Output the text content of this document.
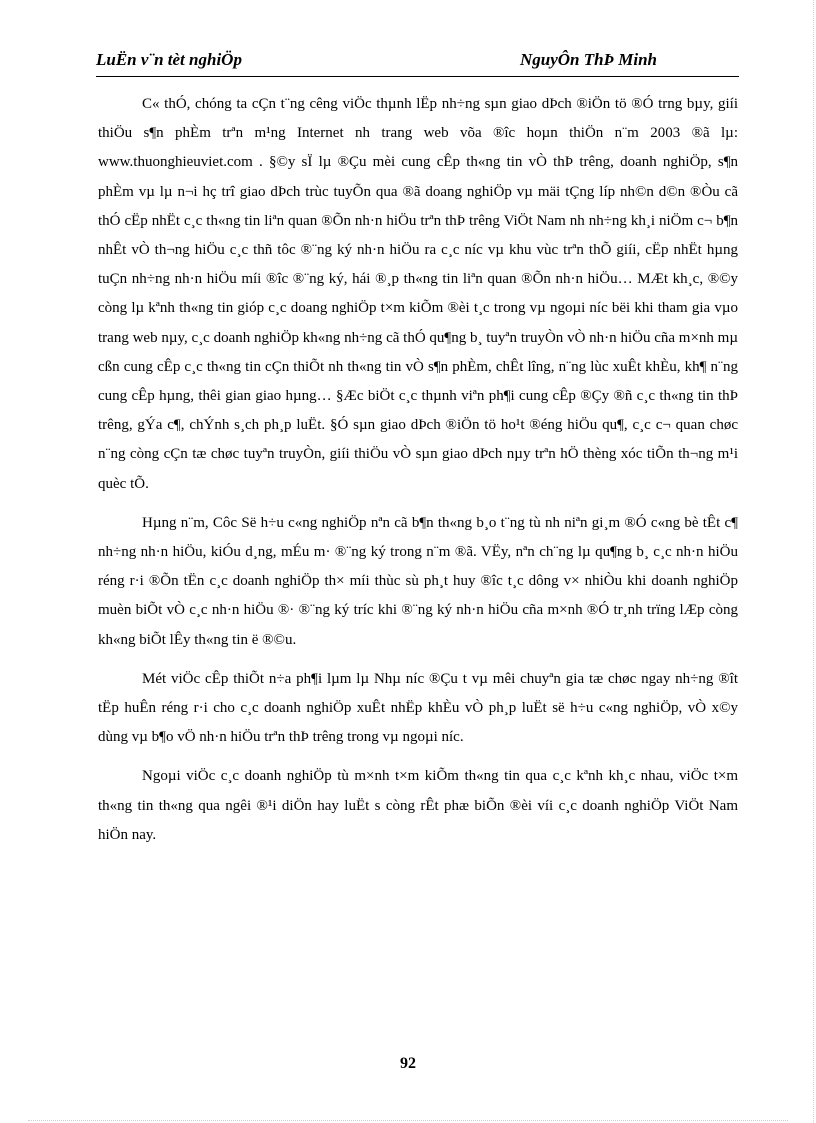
LuËn v¨n tèt nghiÖp	NguyÔn ThÞ Minh

C« thÓ, chóng ta cÇn t¨ng cêng viÖc thµnh lËp nh÷ng sµn giao dÞch ®iÖn tö ®Ó trng bµy, giíi thiÖu s¶n phÈm trªn m¹ng Internet nh trang web võa ®îc hoµn thiÖn n¨m 2003 ®ã lµ: www.thuonghieuviet.com . §©y sÏ lµ ®Çu mèi cung cÊp th«ng tin vÒ thÞ trêng, doanh nghiÖp, s¶n phÈm vµ lµ n¬i hç trî giao dÞch trùc tuyÕn qua ®ã doang nghiÖp vµ mäi tÇng líp nh©n d©n ®Òu cã thÓ cËp nhËt c¸c th«ng tin liªn quan ®Õn nh·n hiÖu trªn thÞ trêng ViÖt Nam nh nh÷ng kh¸i niÖm c¬ b¶n nhÊt vÒ th¬ng hiÖu c¸c thñ tôc ®¨ng ký nh·n hiÖu ra c¸c níc vµ khu vùc trªn thÕ giíi, cËp nhËt hµng tuÇn nh÷ng nh·n hiÖu míi ®îc ®¨ng ký, hái ®¸p th«ng tin liªn quan ®Õn nh·n hiÖu… MÆt kh¸c, ®©y còng lµ kªnh th«ng tin gióp c¸c doang nghiÖp t×m kiÕm ®èi t¸c trong vµ ngoµi níc bëi khi tham gia vµo trang web nµy, c¸c doanh nghiÖp kh«ng nh÷ng cã thÓ qu¶ng b¸ tuyªn truyÒn vÒ nh·n hiÖu cña m×nh mµ cßn cung cÊp c¸c th«ng tin cÇn thiÕt nh th«ng tin vÒ s¶n phÈm, chÊt lîng, n¨ng lùc xuÊt khÈu, kh¶ n¨ng cung cÊp hµng, thêi gian giao hµng… §Æc biÖt c¸c thµnh viªn ph¶i cung cÊp ®Çy ®ñ c¸c th«ng tin thÞ trêng, gÝa c¶, chÝnh s¸ch ph¸p luËt. §Ó sµn giao dÞch ®iÖn tö ho¹t ®éng hiÖu qu¶, c¸c c¬ quan chøc n¨ng còng cÇn tæ chøc tuyªn truyÒn, giíi thiÖu vÒ sµn giao dÞch nµy trªn hÖ thèng xóc tiÕn th¬ng m¹i quèc tÕ.

Hµng n¨m, Côc Së h÷u c«ng nghiÖp nªn cã b¶n th«ng b¸o t¨ng tù nh niªn gi¸m ®Ó c«ng bè tÊt c¶ nh÷ng nh·n hiÖu, kiÓu d¸ng, mÉu m· ®¨ng ký trong n¨m ®ã. VËy, nªn ch¨ng lµ qu¶ng b¸ c¸c nh·n hiÖu réng r·i ®Õn tËn c¸c doanh nghiÖp th× míi thùc sù ph¸t huy ®îc t¸c dông v× nhiÒu khi doanh nghiÖp muèn biÕt vÒ c¸c nh·n hiÖu ®· ®¨ng ký tríc khi ®¨ng ký nh·n hiÖu cña m×nh ®Ó tr¸nh trïng lÆp còng kh«ng biÕt lÊy th«ng tin ë ®©u.

Mét viÖc cÊp thiÕt n÷a ph¶i lµm lµ Nhµ níc ®Çu t vµ mêi chuyªn gia tæ chøc ngay nh÷ng ®ît tËp huÊn réng r·i cho c¸c doanh nghiÖp xuÊt nhËp khÈu vÒ ph¸p luËt së h÷u c«ng nghiÖp, vÒ x©y dùng vµ b¶o vÖ nh·n hiÖu trªn thÞ trêng trong vµ ngoµi níc.

Ngoµi viÖc c¸c doanh nghiÖp tù m×nh t×m kiÕm th«ng tin qua c¸c kªnh kh¸c nhau, viÖc t×m th«ng tin th«ng qua ngêi ®¹i diÖn hay luËt s còng rÊt phæ biÕn ®èi víi c¸c doanh nghiÖp ViÖt Nam hiÖn nay.

92
